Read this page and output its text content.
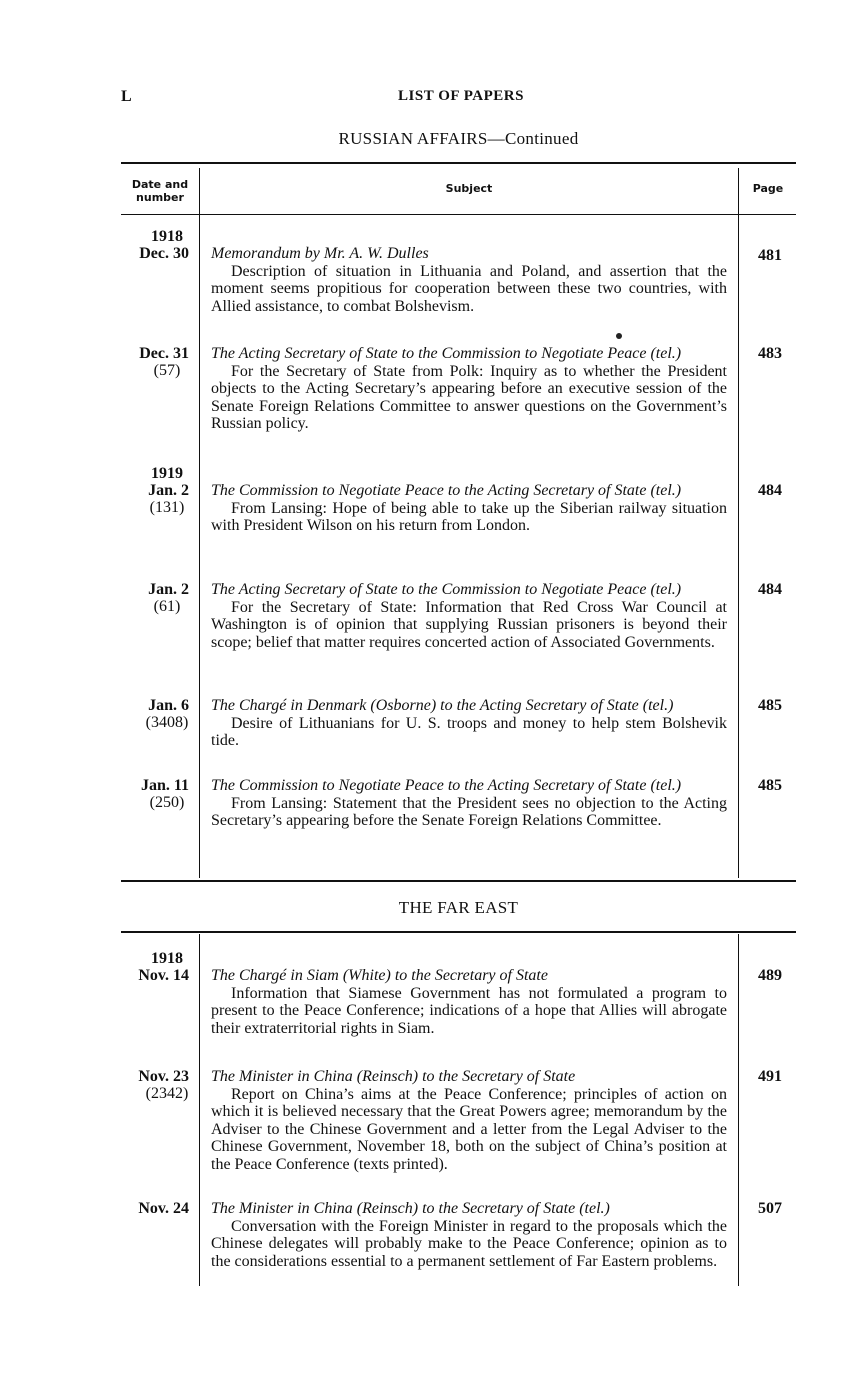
L	LIST OF PAPERS
RUSSIAN AFFAIRS—Continued
Date and number
Subject	Page
1918
Dec. 30 Memorandum by Mr. A. W. Dulles
Description of situation in Lithuania and Poland, and assertion that the moment seems propitious for cooperation between these two countries, with Allied assistance, to combat Bolshevism.
481
Dec. 31
(57)
The Acting Secretary of State to the Commission to Negotiate Peace (tel.)
For the Secretary of State from Polk: Inquiry as to whether the President objects to the Acting Secretary’s appearing before an executive session of the Senate Foreign Relations Committee to answer questions on the Government’s Russian policy.
483
1919
Jan. 2
(131)
The Commission to Negotiate Peace to the Acting Secretary of State (tel.)
From Lansing: Hope of being able to take up the Siberian railway situation with President Wilson on his return from London.
484
Jan. 2
(61)
The Acting Secretary of State to the Commission to Negotiate Peace (tel.)
For the Secretary of State: Information that Red Cross War Council at Washington is of opinion that supplying Russian prisoners is beyond their scope; belief that matter requires concerted action of Associated Governments.
484
Jan. 6
(3408)
The Chargé in Denmark (Osborne) to the Acting Secretary of State (tel.)
Desire of Lithuanians for U. S. troops and money to help stem Bolshevik tide.
485
Jan. 11
(250)
The Commission to Negotiate Peace to the Acting Secretary of State (tel.)
From Lansing: Statement that the President sees no objection to the Acting Secretary’s appearing before the Senate Foreign Relations Committee.
485
THE FAR EAST
1918
Nov. 14 The Chargé in Siam (White) to the Secretary of State
Information that Siamese Government has not formulated a program to present to the Peace Conference; indications of a hope that Allies will abrogate their extraterritorial rights in Siam.
489
Nov. 23
(2342)
The Minister in China (Reinsch) to the Secretary of State
Report on China’s aims at the Peace Conference; principles of action on which it is believed necessary that the Great Powers agree; memorandum by the Adviser to the Chinese Government and a letter from the Legal Adviser to the Chinese Government, November 18, both on the subject of China’s position at the Peace Conference (texts printed).
491
Nov. 24 The Minister in China (Reinsch) to the Secretary of State (tel.)
Conversation with the Foreign Minister in regard to the proposals which the Chinese delegates will probably make to the Peace Conference; opinion as to the considerations essential to a permanent settlement of Far Eastern problems.
507
